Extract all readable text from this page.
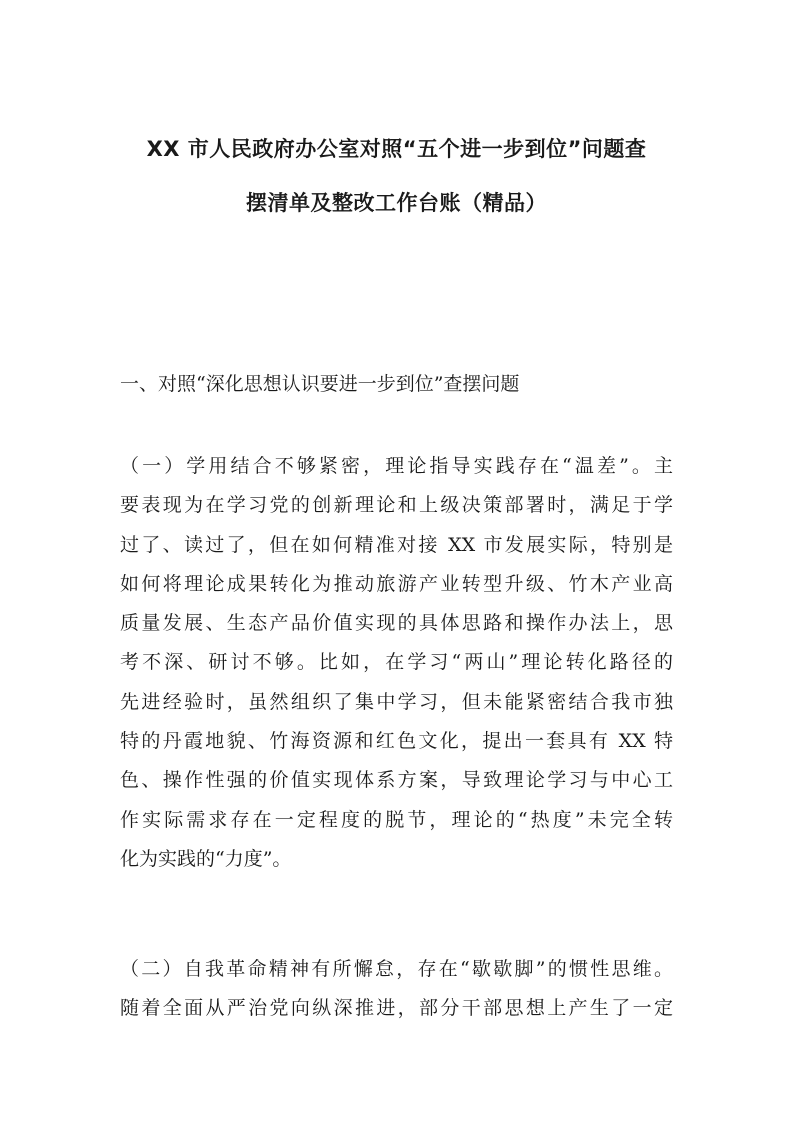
XX 市人民政府办公室对照“五个进一步到位”问题查
摆清单及整改工作台账（精品）

一、对照“深化思想认识要进一步到位”查摆问题

（一）学用结合不够紧密，理论指导实践存在“温差”。主
要表现为在学习党的创新理论和上级决策部署时，满足于学
过了、读过了，但在如何精准对接 XX 市发展实际，特别是
如何将理论成果转化为推动旅游产业转型升级、竹木产业高
质量发展、生态产品价值实现的具体思路和操作办法上，思
考不深、研讨不够。比如，在学习“两山”理论转化路径的
先进经验时，虽然组织了集中学习，但未能紧密结合我市独
特的丹霞地貌、竹海资源和红色文化，提出一套具有 XX 特
色、操作性强的价值实现体系方案，导致理论学习与中心工
作实际需求存在一定程度的脱节，理论的“热度”未完全转
化为实践的“力度”。
（二）自我革命精神有所懈怠，存在“歇歇脚”的惯性思维。
随着全面从严治党向纵深推进，部分干部思想上产生了一定
